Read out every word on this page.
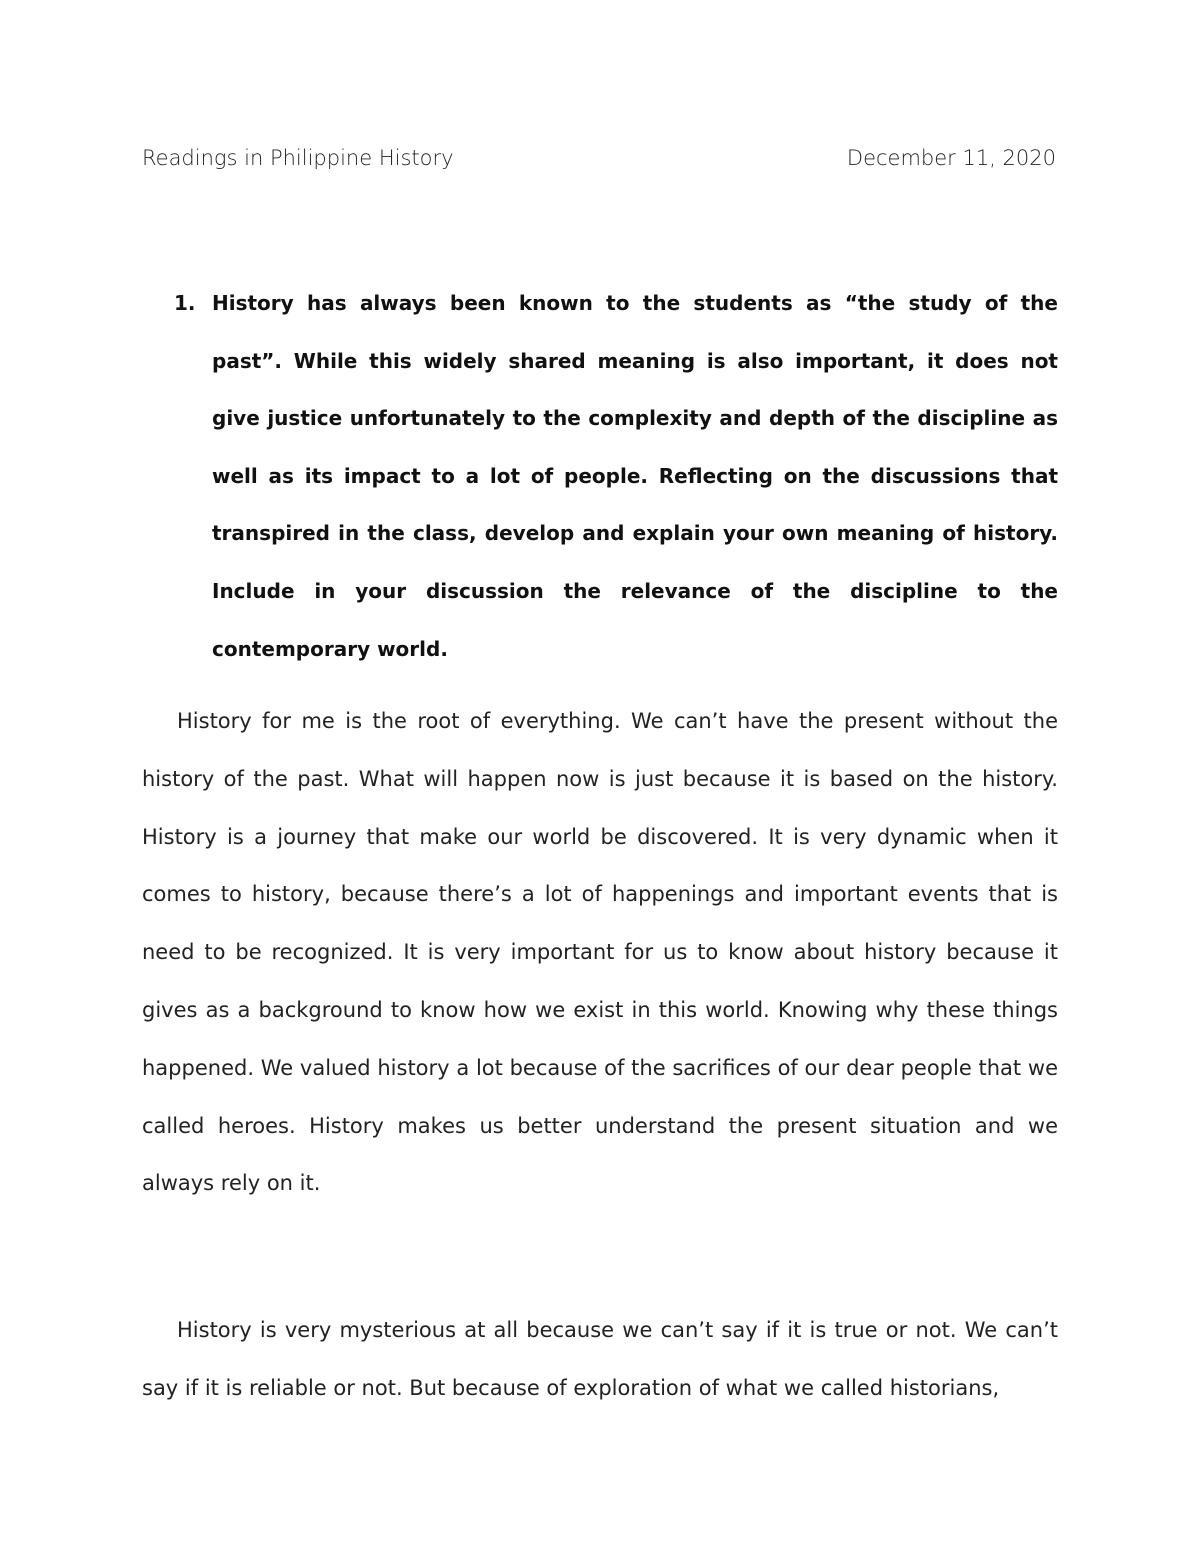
Readings in Philippine History	December 11, 2020
1. History has always been known to the students as “the study of the past”. While this widely shared meaning is also important, it does not give justice unfortunately to the complexity and depth of the discipline as well as its impact to a lot of people. Reflecting on the discussions that transpired in the class, develop and explain your own meaning of history. Include in your discussion the relevance of the discipline to the contemporary world.

History for me is the root of everything. We can’t have the present without the history of the past. What will happen now is just because it is based on the history. History is a journey that make our world be discovered. It is very dynamic when it comes to history, because there’s a lot of happenings and important events that is need to be recognized. It is very important for us to know about history because it gives as a background to know how we exist in this world. Knowing why these things happened. We valued history a lot because of the sacrifices of our dear people that we called heroes. History makes us better understand the present situation and we always rely on it.

History is very mysterious at all because we can’t say if it is true or not. We can’t say if it is reliable or not. But because of exploration of what we called historians,
